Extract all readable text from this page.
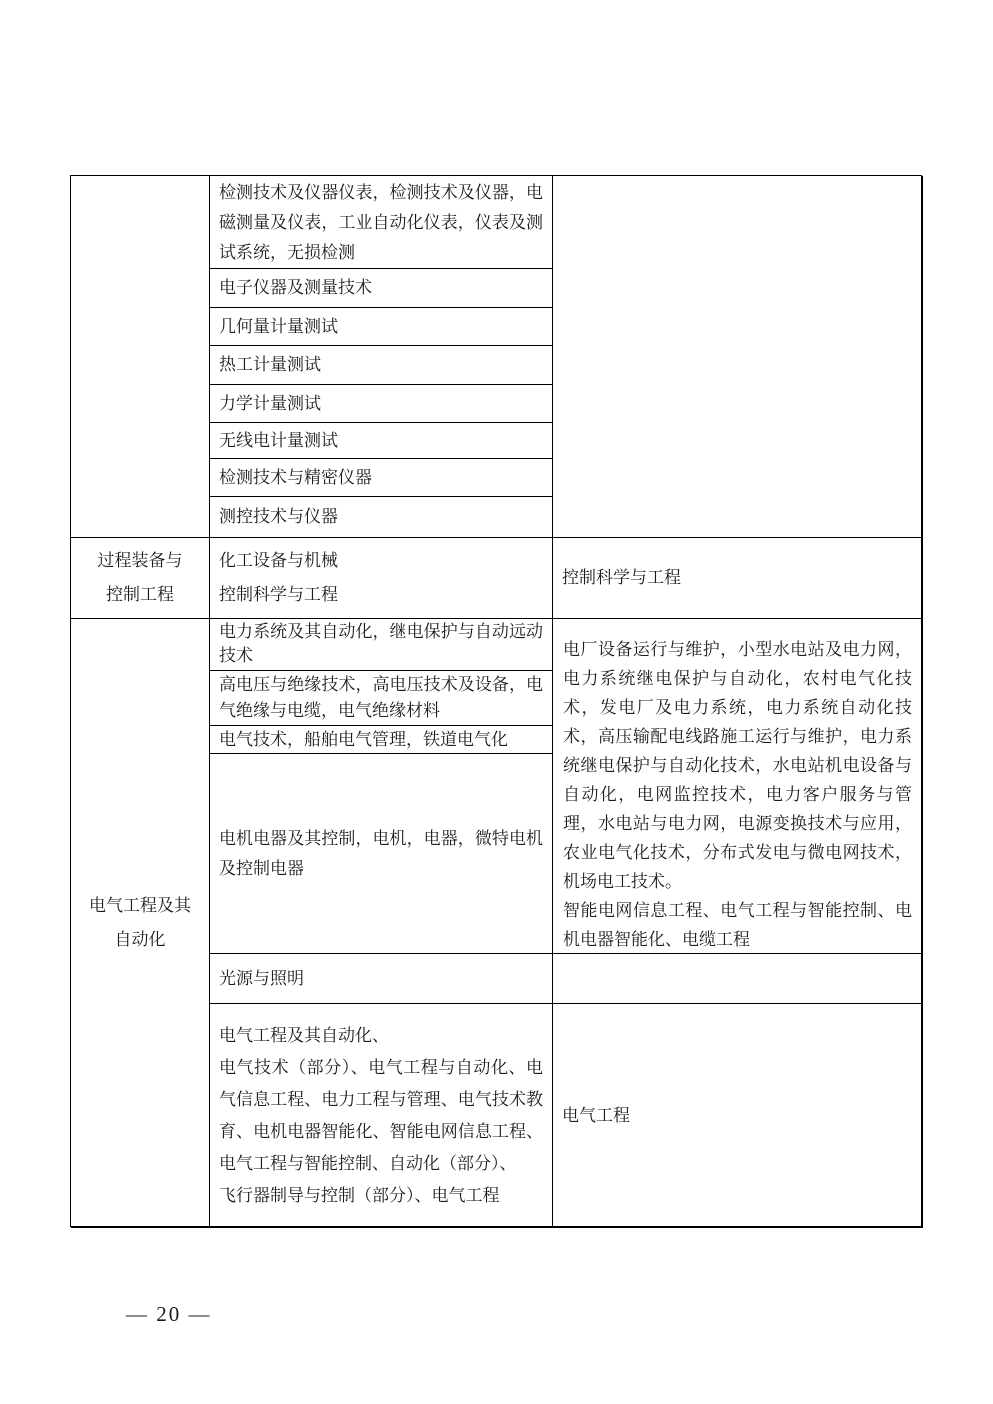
过程装备与
控制工程
电气工程及其
自动化
检测技术及仪器仪表，检测技术及仪器，电磁测量及仪表，工业自动化仪表，仪表及测试系统，无损检测
电子仪器及测量技术
几何量计量测试
热工计量测试
力学计量测试
无线电计量测试
检测技术与精密仪器
测控技术与仪器
化工设备与机械
控制科学与工程
电力系统及其自动化，继电保护与自动远动技术
高电压与绝缘技术，高电压技术及设备，电气绝缘与电缆，电气绝缘材料
电气技术，船舶电气管理，铁道电气化
电机电器及其控制，电机，电器，微特电机及控制电器
光源与照明
电气工程及其自动化、
电气技术（部分）、电气工程与自动化、电气信息工程、电力工程与管理、电气技术教育、电机电器智能化、智能电网信息工程、电气工程与智能控制、自动化（部分）、
飞行器制导与控制（部分）、电气工程
控制科学与工程
电厂设备运行与维护，小型水电站及电力网，电力系统继电保护与自动化，农村电气化技术，发电厂及电力系统，电力系统自动化技术，高压输配电线路施工运行与维护，电力系统继电保护与自动化技术，水电站机电设备与自动化，电网监控技术，电力客户服务与管理，水电站与电力网，电源变换技术与应用，农业电气化技术，分布式发电与微电网技术，机场电工技术。
智能电网信息工程、电气工程与智能控制、电机电器智能化、电缆工程
电气工程
— 20 —
